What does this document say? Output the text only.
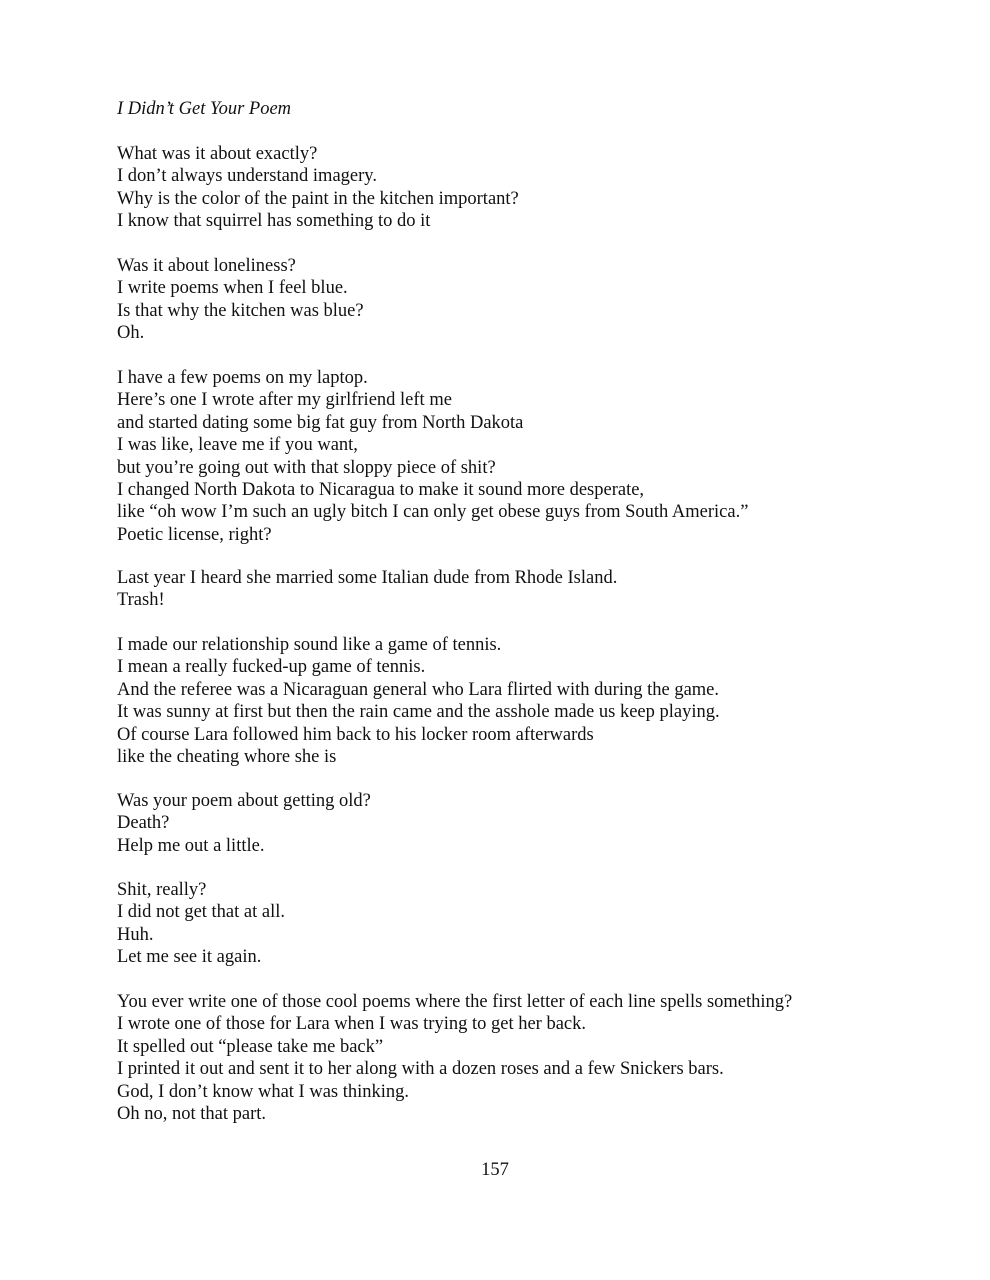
I Didn’t Get Your Poem
What was it about exactly?
I don’t always understand imagery.
Why is the color of the paint in the kitchen important?
I know that squirrel has something to do it
Was it about loneliness?
I write poems when I feel blue.
Is that why the kitchen was blue?
Oh.
I have a few poems on my laptop.
Here’s one I wrote after my girlfriend left me
and started dating some big fat guy from North Dakota
I was like, leave me if you want,
but you’re going out with that sloppy piece of shit?
I changed North Dakota to Nicaragua to make it sound more desperate,
like “oh wow I’m such an ugly bitch I can only get obese guys from South America.”
Poetic license, right?
Last year I heard she married some Italian dude from Rhode Island.
Trash!
I made our relationship sound like a game of tennis.
I mean a really fucked-up game of tennis.
And the referee was a Nicaraguan general who Lara flirted with during the game.
It was sunny at first but then the rain came and the asshole made us keep playing.
Of course Lara followed him back to his locker room afterwards
like the cheating whore she is
Was your poem about getting old?
Death?
Help me out a little.
Shit, really?
I did not get that at all.
Huh.
Let me see it again.
You ever write one of those cool poems where the first letter of each line spells something?
I wrote one of those for Lara when I was trying to get her back.
It spelled out “please take me back”
I printed it out and sent it to her along with a dozen roses and a few Snickers bars.
God, I don’t know what I was thinking.
Oh no, not that part.
157
